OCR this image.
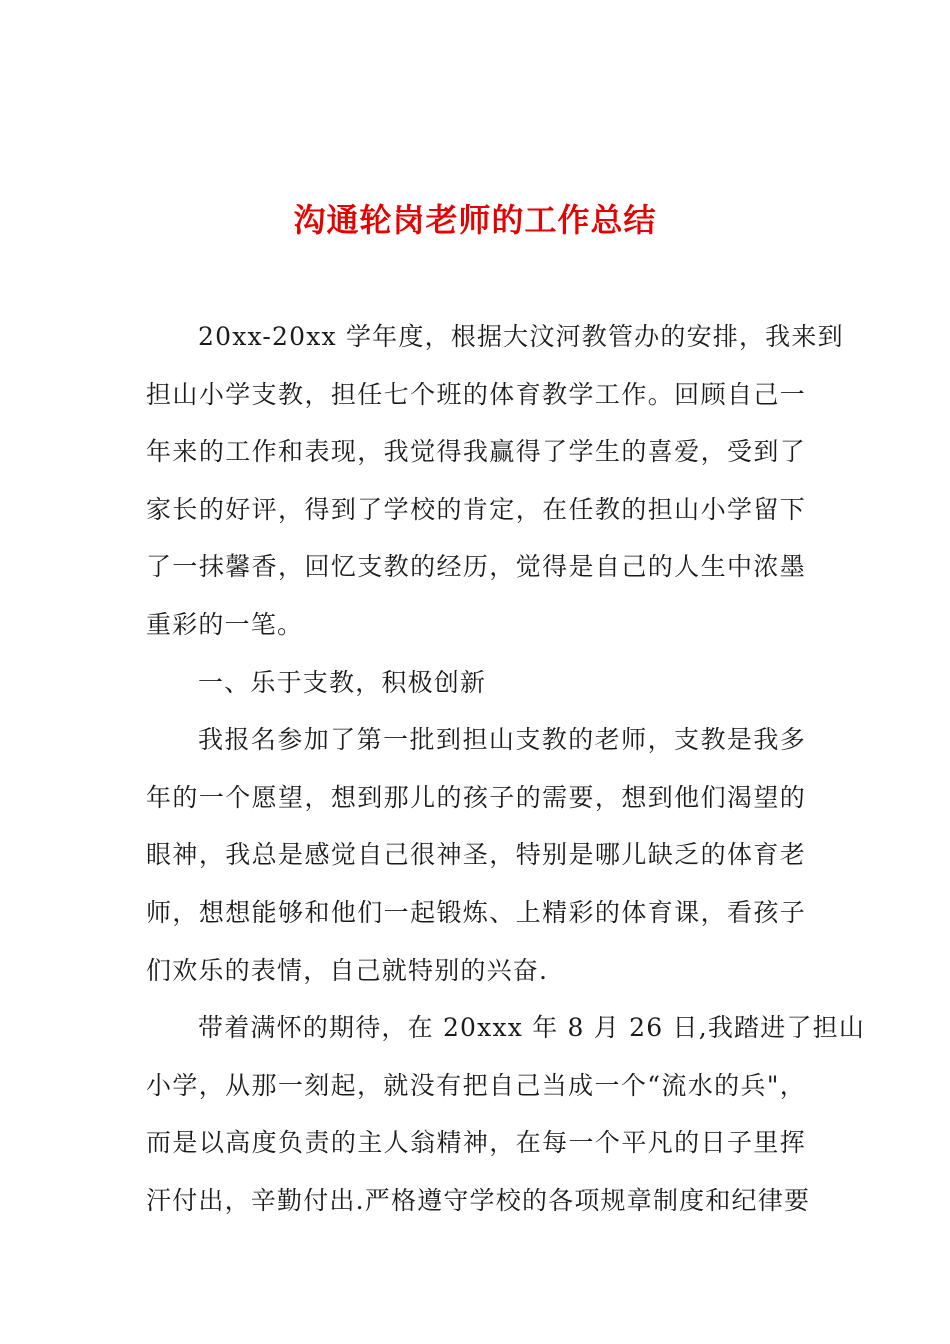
沟通轮岗老师的工作总结
20xx-20xx 学年度，根据大汶河教管办的安排，我来到
担山小学支教，担任七个班的体育教学工作。回顾自己一
年来的工作和表现，我觉得我赢得了学生的喜爱，受到了
家长的好评，得到了学校的肯定，在任教的担山小学留下
了一抹馨香，回忆支教的经历，觉得是自己的人生中浓墨
重彩的一笔。
一、乐于支教，积极创新
我报名参加了第一批到担山支教的老师，支教是我多
年的一个愿望，想到那儿的孩子的需要，想到他们渴望的
眼神，我总是感觉自己很神圣，特别是哪儿缺乏的体育老
师，想想能够和他们一起锻炼、上精彩的体育课，看孩子
们欢乐的表情，自己就特别的兴奋.
带着满怀的期待，在 20xxx 年 8 月 26 日,我踏进了担山
小学，从那一刻起，就没有把自己当成一个“流水的兵"，
而是以高度负责的主人翁精神，在每一个平凡的日子里挥
汗付出，辛勤付出.严格遵守学校的各项规章制度和纪律要
